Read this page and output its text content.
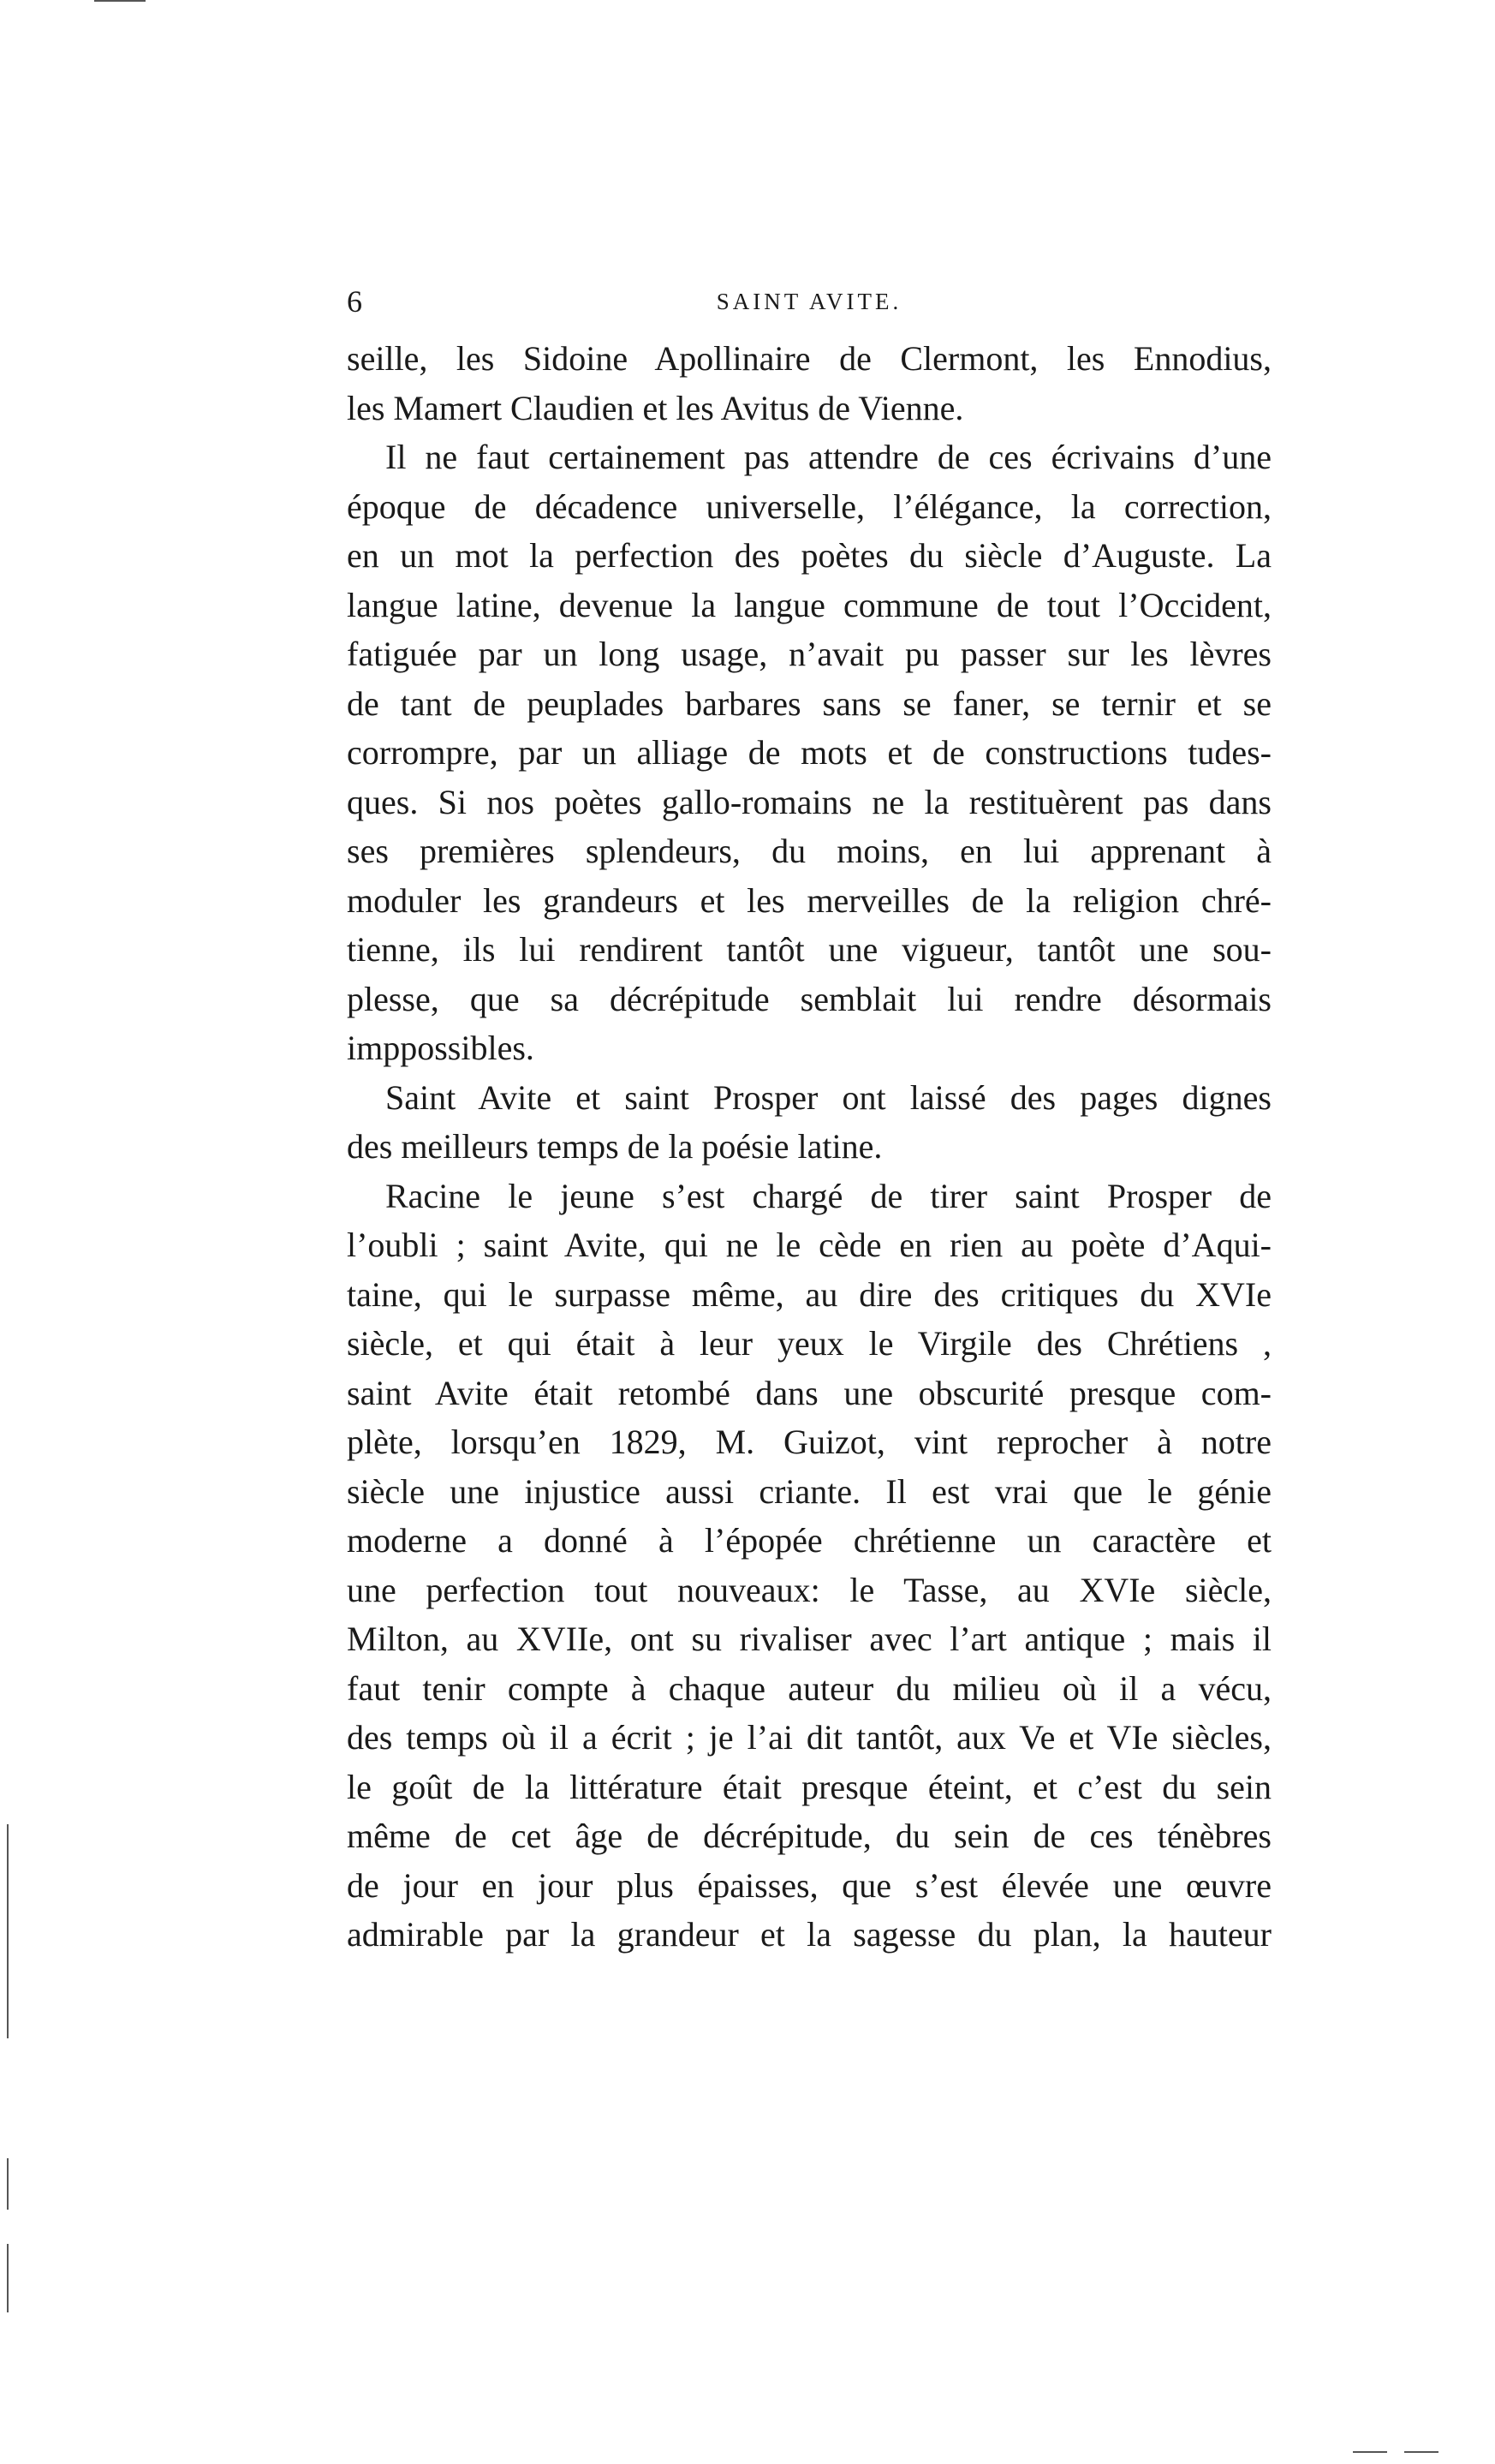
6	SAINT AVITE.

seille, les Sidoine Apollinaire de Clermont, les Ennodius,

les Mamert Claudien et les Avitus de Vienne.

Il ne faut certainement pas attendre de ces écrivains d’une

époque de décadence universelle, l’élégance, la correction,

en un mot la perfection des poètes du siècle d’Auguste. La

langue latine, devenue la langue commune de tout l’Occident,

fatiguée par un long usage, n’avait pu passer sur les lèvres

de tant de peuplades barbares sans se faner, se ternir et se

corrompre, par un alliage de mots et de constructions tudes-

ques. Si nos poètes gallo-romains ne la restituèrent pas dans

ses premières splendeurs, du moins, en lui apprenant à

moduler les grandeurs et les merveilles de la religion chré-

tienne, ils lui rendirent tantôt une vigueur, tantôt une sou-

plesse, que sa décrépitude semblait lui rendre désormais

imppossibles.

Saint Avite et saint Prosper ont laissé des pages dignes

des meilleurs temps de la poésie latine.

Racine le jeune s’est chargé de tirer saint Prosper de

l’oubli ; saint Avite, qui ne le cède en rien au poète d’Aqui-

taine, qui le surpasse même, au dire des critiques du XVIe

siècle, et qui était à leur yeux le Virgile des Chrétiens ,

saint Avite était retombé dans une obscurité presque com-

plète, lorsqu’en 1829, M. Guizot, vint reprocher à notre

siècle une injustice aussi criante. Il est vrai que le génie

moderne a donné à l’épopée chrétienne un caractère et

une perfection tout nouveaux: le Tasse, au XVIe siècle,

Milton, au XVIIe, ont su rivaliser avec l’art antique ; mais il

faut tenir compte à chaque auteur du milieu où il a vécu,

des temps où il a écrit ; je l’ai dit tantôt, aux Ve et VIe siècles,

le goût de la littérature était presque éteint, et c’est du sein

même de cet âge de décrépitude, du sein de ces ténèbres

de jour en jour plus épaisses, que s’est élevée une œuvre

admirable par la grandeur et la sagesse du plan, la hauteur
